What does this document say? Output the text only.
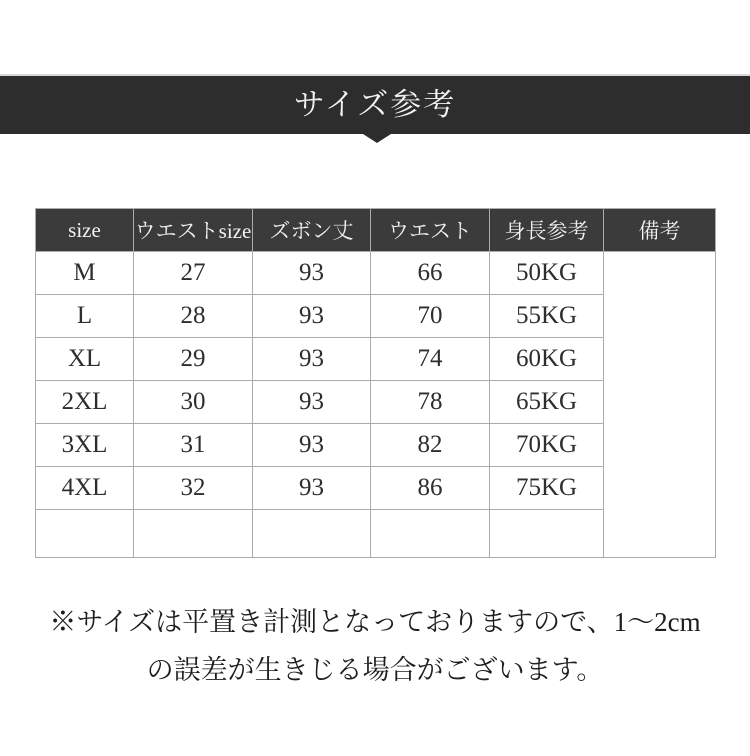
サイズ参考
size	ウエストsize	ズボン丈	ウエスト	身長参考	備考
M	27	93	66	50KG	
L	28	93	70	55KG	
XL	29	93	74	60KG	
2XL	30	93	78	65KG	
3XL	31	93	82	70KG	
4XL	32	93	86	75KG	

※サイズは平置き計測となっておりますので、1〜2cm
の誤差が生きじる場合がございます。
